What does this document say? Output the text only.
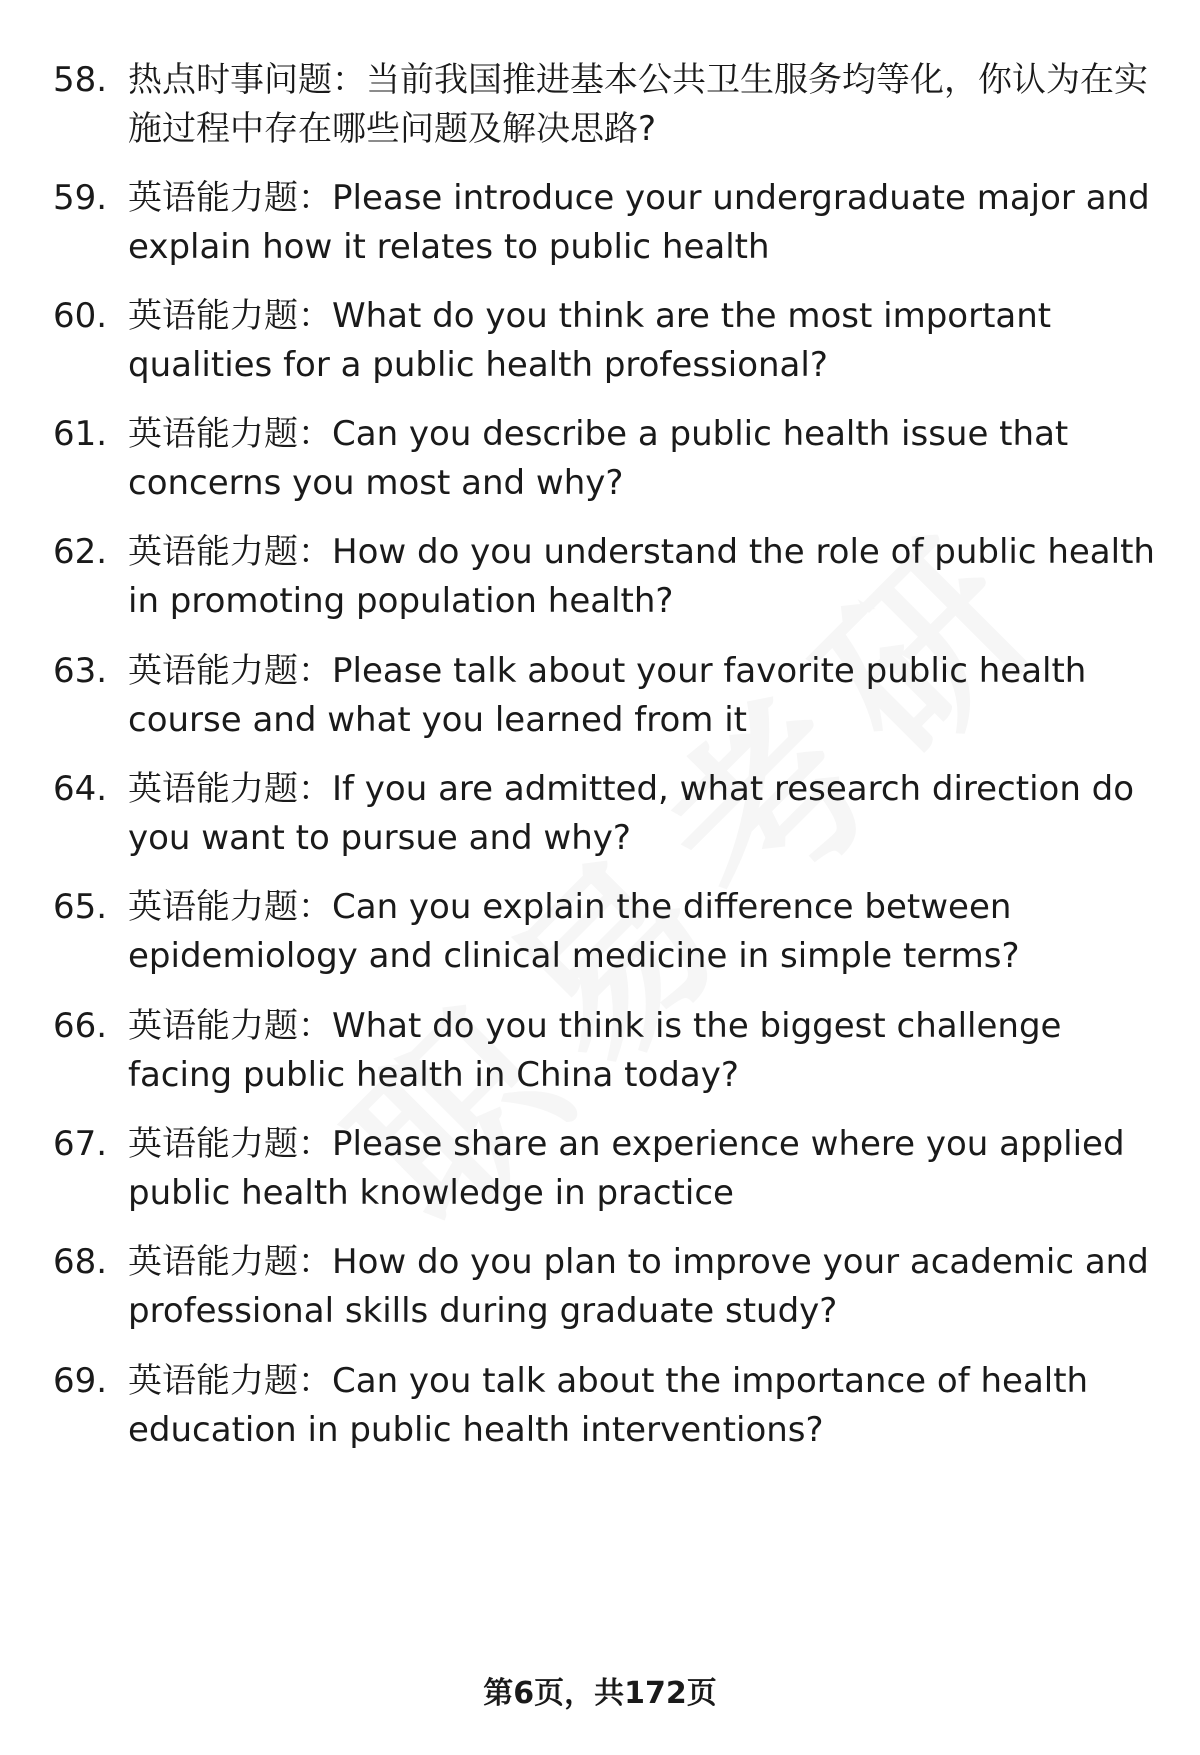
58. 热点时事问题：当前我国推进基本公共卫生服务均等化，你认为在实施过程中存在哪些问题及解决思路?
59. 英语能力题：Please introduce your undergraduate major and explain how it relates to public health
60. 英语能力题：What do you think are the most important qualities for a public health professional?
61. 英语能力题：Can you describe a public health issue that concerns you most and why?
62. 英语能力题：How do you understand the role of public health in promoting population health?
63. 英语能力题：Please talk about your favorite public health course and what you learned from it
64. 英语能力题：If you are admitted, what research direction do you want to pursue and why?
65. 英语能力题：Can you explain the difference between epidemiology and clinical medicine in simple terms?
66. 英语能力题：What do you think is the biggest challenge facing public health in China today?
67. 英语能力题：Please share an experience where you applied public health knowledge in practice
68. 英语能力题：How do you plan to improve your academic and professional skills during graduate study?
69. 英语能力题：Can you talk about the importance of health education in public health interventions?
第6页，共172页
